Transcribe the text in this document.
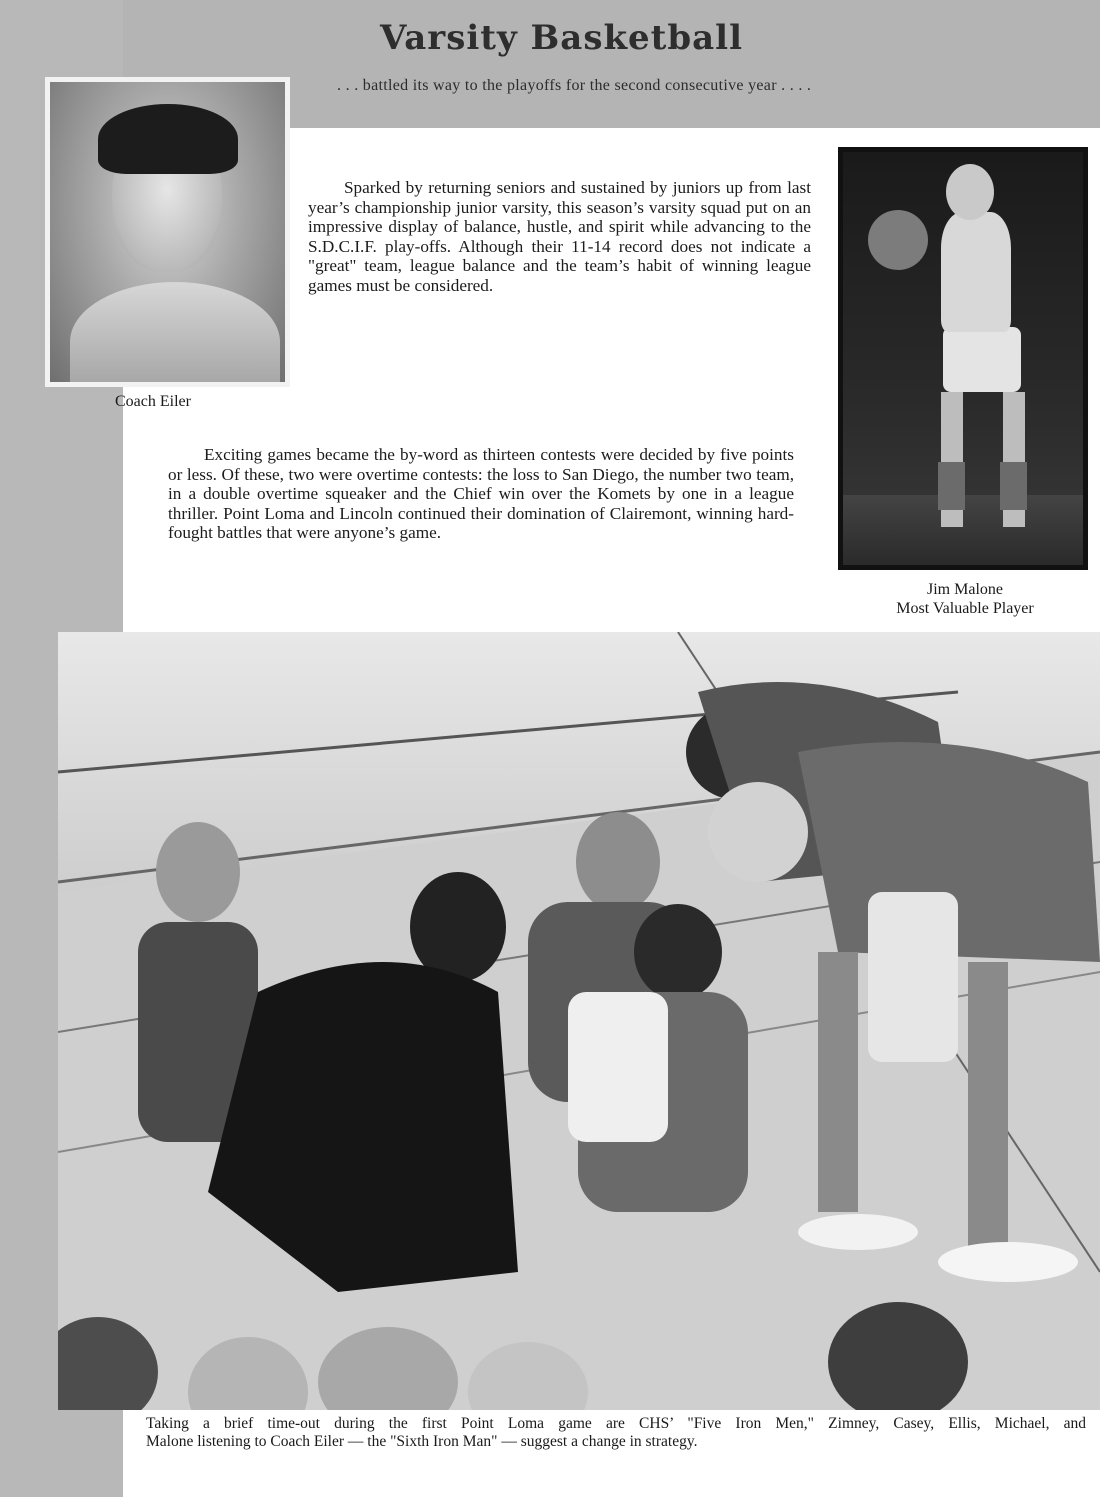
Varsity Basketball
. . . battled its way to the playoffs for the second consecutive year . . . .
Coach Eiler
Sparked by returning seniors and sustained by juniors up from last year’s championship junior varsity, this season’s varsity squad put on an impressive display of balance, hustle, and spirit while advancing to the S.D.C.I.F. play-offs. Although their 11-14 record does not indicate a "great" team, league balance and the team’s habit of winning league games must be considered.
Jim Malone
Most Valuable Player
Exciting games became the by-word as thirteen contests were decided by five points or less. Of these, two were overtime contests: the loss to San Diego, the number two team, in a double overtime squeaker and the Chief win over the Komets by one in a league thriller. Point Loma and Lincoln continued their domination of Clairemont, winning hard-fought battles that were anyone’s game.
Taking a brief time-out during the first Point Loma game are CHS’ "Five Iron Men," Zimney, Casey, Ellis, Michael, and
Malone listening to Coach Eiler — the "Sixth Iron Man" — suggest a change in strategy.
